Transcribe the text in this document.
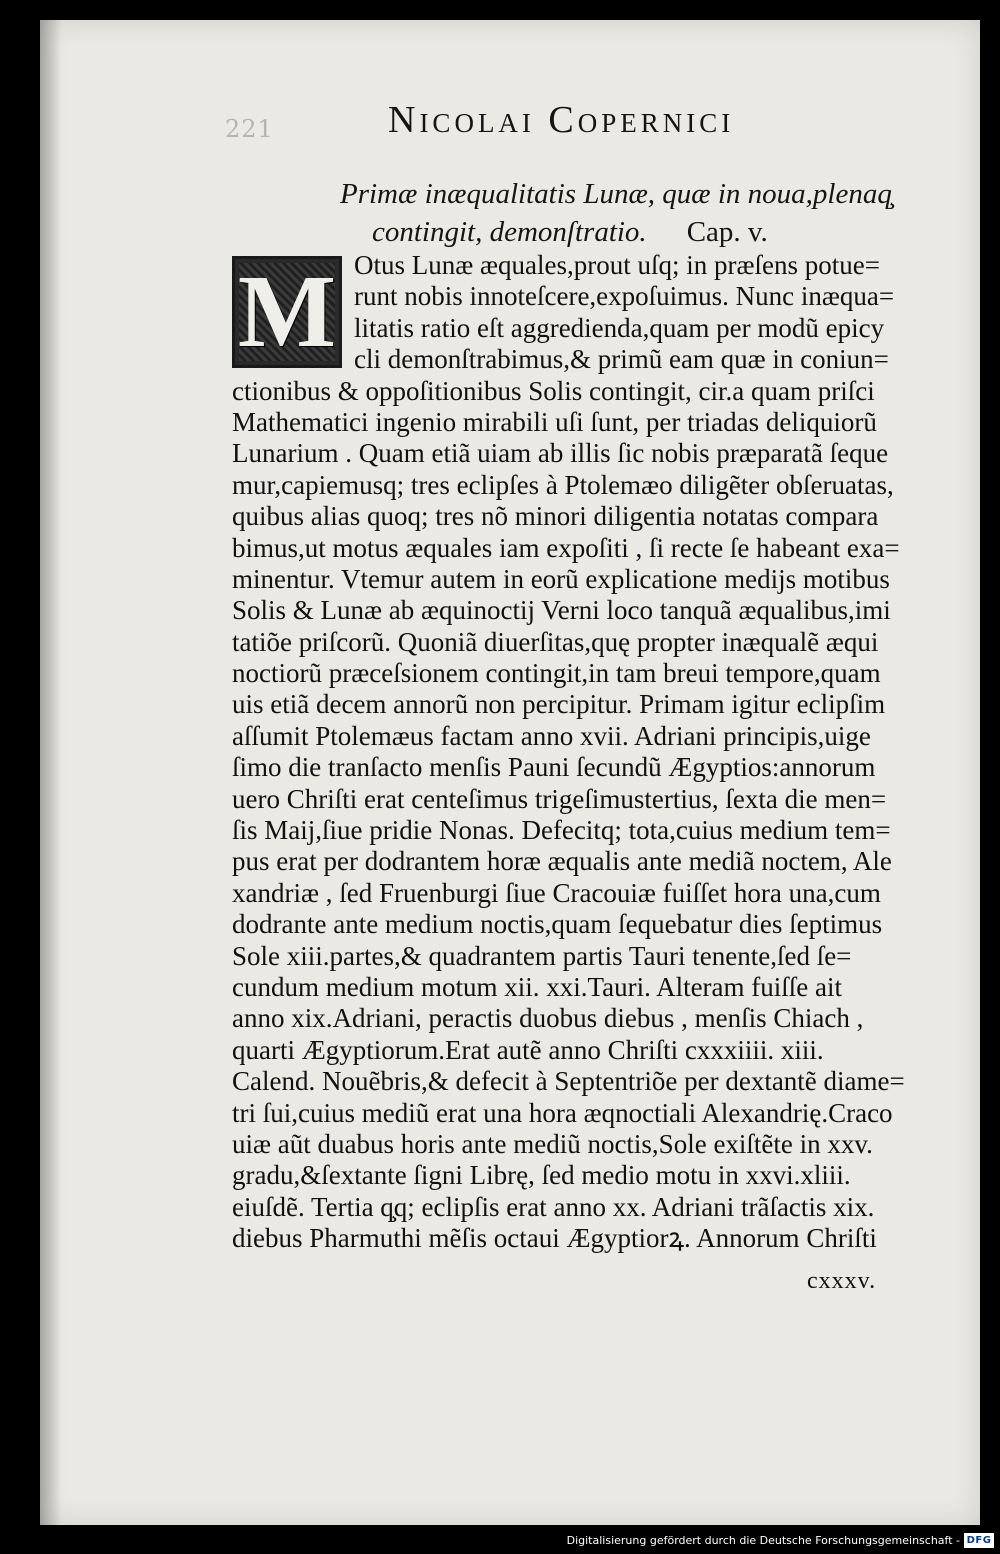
221	Nicolai Copernici
Primæ inæqualitatis Lunæ, quæ in noua,plenaq̧
contingit, demonſtratio. Cap. v.
M Otus Lunæ æquales,prout uſq; in præſens potue=
runt nobis innoteſcere,expoſuimus. Nunc inæqua=
litatis ratio eſt aggredienda,quam per modũ epicy
cli demonſtrabimus,& primũ eam quæ in coniun=
ctionibus & oppoſitionibus Solis contingit, cir.a quam priſci
Mathematici ingenio mirabili uſi ſunt, per triadas deliquiorũ
Lunarium . Quam etiã uiam ab illis ſic nobis præparatã ſeque
mur,capiemusq; tres eclipſes à Ptolemæo diligẽter obſeruatas,
quibus alias quoq; tres nõ minori diligentia notatas compara
bimus,ut motus æquales iam expoſiti , ſi recte ſe habeant exa=
minentur. Vtemur autem in eorũ explicatione medijs motibus
Solis & Lunæ ab æquinoctij Verni loco tanquã æqualibus,imi
tatiõe priſcorũ. Quoniã diuerſitas,quę propter inæqualẽ æqui
noctiorũ præceſsionem contingit,in tam breui tempore,quam
uis etiã decem annorũ non percipitur. Primam igitur eclipſim
aſſumit Ptolemæus factam anno xvii. Adriani principis,uige
ſimo die tranſacto menſis Pauni ſecundũ Ægyptios:annorum
uero Chriſti erat centeſimus trigeſimustertius, ſexta die men=
ſis Maij,ſiue pridie Nonas. Defecitq; tota,cuius medium tem=
pus erat per dodrantem horæ æqualis ante mediã noctem, Ale
xandriæ , ſed Fruenburgi ſiue Cracouiæ fuiſſet hora una,cum
dodrante ante medium noctis,quam ſequebatur dies ſeptimus
Sole xiii.partes,& quadrantem partis Tauri tenente,ſed ſe=
cundum medium motum xii. xxi.Tauri. Alteram fuiſſe ait
anno xix.Adriani, peractis duobus diebus , menſis Chiach ,
quarti Ægyptiorum.Erat autẽ anno Chriſti cxxxiiii. xiii.
Calend. Nouẽbris,& defecit à Septentriõe per dextantẽ diame=
tri ſui,cuius mediũ erat una hora æqnoctiali Alexandrię.Craco
uiæ aũt duabus horis ante mediũ noctis,Sole exiſtẽte in xxv.
gradu,&ſextante ſigni Librę, ſed medio motu in xxvi.xliii.
eiuſdẽ. Tertia q̧q; eclipſis erat anno xx. Adriani trãſactis xix.
diebus Pharmuthi mẽſis octaui Ægyptiorꝝ. Annorum Chriſti
cxxxv.
Digitalisierung gefördert durch die Deutsche Forschungsgemeinschaft - DFG
